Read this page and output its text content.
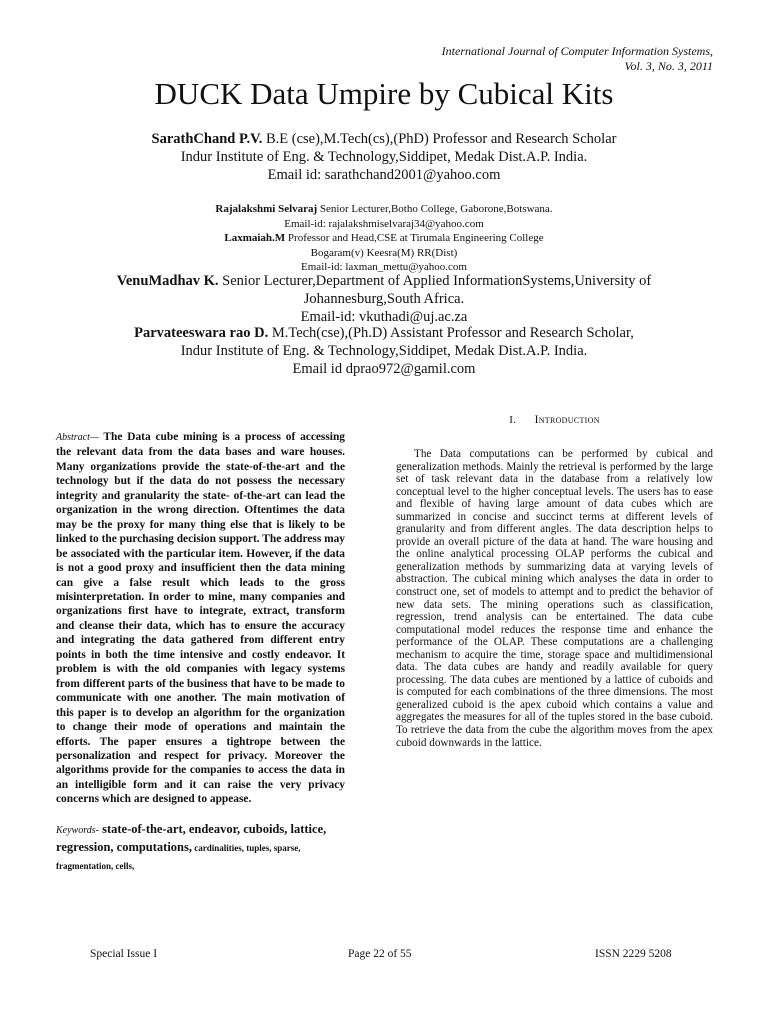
International Journal of Computer Information Systems,
Vol. 3, No. 3, 2011
DUCK Data Umpire by Cubical Kits
SarathChand P.V. B.E (cse),M.Tech(cs),(PhD) Professor and Research Scholar
Indur Institute of Eng. & Technology,Siddipet, Medak Dist.A.P. India.
Email id: sarathchand2001@yahoo.com
Rajalakshmi Selvaraj Senior Lecturer,Botho College, Gaborone,Botswana.
Email-id: rajalakshmiselvaraj34@yahoo.com
Laxmaiah.M Professor and Head,CSE at Tirumala Engineering College
Bogaram(v) Keesra(M) RR(Dist)
Email-id: laxman_mettu@yahoo.com
VenuMadhav K. Senior Lecturer,Department of Applied InformationSystems,University of Johannesburg,South Africa.
Email-id: vkuthadi@uj.ac.za
Parvateeswara rao D. M.Tech(cse),(Ph.D) Assistant Professor and Research Scholar,
Indur Institute of Eng. & Technology,Siddipet, Medak Dist.A.P. India.
Email id dprao972@gamil.com
Abstract— The Data cube mining is a process of accessing the relevant data from the data bases and ware houses. Many organizations provide the state-of-the-art and the technology but if the data do not possess the necessary integrity and granularity the state- of-the-art can lead the organization in the wrong direction. Oftentimes the data may be the proxy for many thing else that is likely to be linked to the purchasing decision support. The address may be associated with the particular item. However, if the data is not a good proxy and insufficient then the data mining can give a false result which leads to the gross misinterpretation. In order to mine, many companies and organizations first have to integrate, extract, transform and cleanse their data, which has to ensure the accuracy and integrating the data gathered from different entry points in both the time intensive and costly endeavor. It problem is with the old companies with legacy systems from different parts of the business that have to be made to communicate with one another. The main motivation of this paper is to develop an algorithm for the organization to change their mode of operations and maintain the efforts. The paper ensures a tightrope between the personalization and respect for privacy. Moreover the algorithms provide for the companies to access the data in an intelligible form and it can raise the very privacy concerns which are designed to appease.
Keywords- state-of-the-art, endeavor, cuboids, lattice, regression, computations, cardinalities, tuples, sparse, fragmentation, cells,
I. Introduction
The Data computations can be performed by cubical and generalization methods. Mainly the retrieval is performed by the large set of task relevant data in the database from a relatively low conceptual level to the higher conceptual levels. The users has to ease and flexible of having large amount of data cubes which are summarized in concise and succinct terms at different levels of granularity and from different angles. The data description helps to provide an overall picture of the data at hand. The ware housing and the online analytical processing OLAP performs the cubical and generalization methods by summarizing data at varying levels of abstraction. The cubical mining which analyses the data in order to construct one, set of models to attempt and to predict the behavior of new data sets. The mining operations such as classification, regression, trend analysis can be entertained. The data cube computational model reduces the response time and enhance the performance of the OLAP. These computations are a challenging mechanism to acquire the time, storage space and multidimensional data. The data cubes are handy and readily available for query processing. The data cubes are mentioned by a lattice of cuboids and is computed for each combinations of the three dimensions. The most generalized cuboid is the apex cuboid which contains a value and aggregates the measures for all of the tuples stored in the base cuboid. To retrieve the data from the cube the algorithm moves from the apex cuboid downwards in the lattice.
Special Issue I	Page 22 of 55	ISSN 2229 5208
